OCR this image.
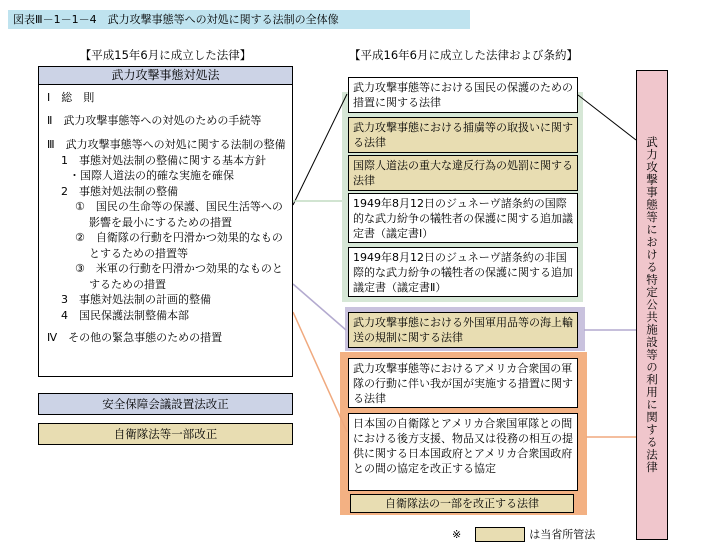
図表Ⅲ－1－1－4　武力攻撃事態等への対処に関する法制の全体像
【平成15年6月に成立した法律】	【平成16年6月に成立した法律および条約】
武力攻撃事態対処法
Ⅰ　総　則
Ⅱ　武力攻撃事態等への対処のための手続等
Ⅲ　武力攻撃事態等への対処に関する法制の整備
1　事態対処法制の整備に関する基本方針
・国際人道法の的確な実施を確保
2　事態対処法制の整備
①　国民の生命等の保護、国民生活等への影響を最小にするための措置
②　自衛隊の行動を円滑かつ効果的なものとするための措置等
③　米軍の行動を円滑かつ効果的なものとするための措置
3　事態対処法制の計画的整備
4　国民保護法制整備本部
Ⅳ　その他の緊急事態のための措置
安全保障会議設置法改正
自衛隊法等一部改正
武力攻撃事態等における国民の保護のための措置に関する法律
武力攻撃事態における捕虜等の取扱いに関する法律
国際人道法の重大な違反行為の処罰に関する法律
1949年8月12日のジュネーヴ諸条約の国際的な武力紛争の犠牲者の保護に関する追加議定書（議定書Ⅰ）
1949年8月12日のジュネーヴ諸条約の非国際的な武力紛争の犠牲者の保護に関する追加議定書（議定書Ⅱ）
武力攻撃事態における外国軍用品等の海上輸送の規制に関する法律
武力攻撃事態等におけるアメリカ合衆国の軍隊の行動に伴い我が国が実施する措置に関する法律
日本国の自衛隊とアメリカ合衆国軍隊との間における後方支援、物品又は役務の相互の提供に関する日本国政府とアメリカ合衆国政府との間の協定を改正する協定
自衛隊法の一部を改正する法律
武力攻撃事態等における特定公共施設等の利用に関する法律
※	は当省所管法
